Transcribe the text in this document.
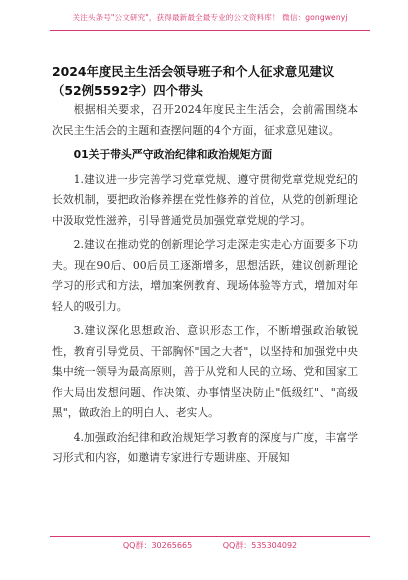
关注头条号"公文研究"，获得最新最全最专业的公文资料库！ 微信：gongwenyj
2024年度民主生活会领导班子和个人征求意见建议（52例5592字）四个带头

根据相关要求，召开2024年度民主生活会，会前需围绕本次民主生活会的主题和查摆问题的4个方面，征求意见建议。

01关于带头严守政治纪律和政治规矩方面

1.建议进一步完善学习党章党规、遵守贯彻党章党规党纪的长效机制，要把政治修养摆在党性修养的首位，从党的创新理论中汲取党性滋养，引导普通党员加强党章党规的学习。

2.建议在推动党的创新理论学习走深走实走心方面要多下功夫。现在90后、00后员工逐渐增多，思想活跃，建议创新理论学习的形式和方法，增加案例教育、现场体验等方式，增加对年轻人的吸引力。

3.建议深化思想政治、意识形态工作，不断增强政治敏锐性，教育引导党员、干部胸怀"国之大者"，以坚持和加强党中央集中统一领导为最高原则，善于从党和人民的立场、党和国家工作大局出发想问题、作决策、办事情坚决防止"低级红"、"高级黑"，做政治上的明白人、老实人。

4.加强政治纪律和政治规矩学习教育的深度与广度，丰富学习形式和内容，如邀请专家进行专题讲座、开展知

QQ群：30265665	QQ群：535304092
